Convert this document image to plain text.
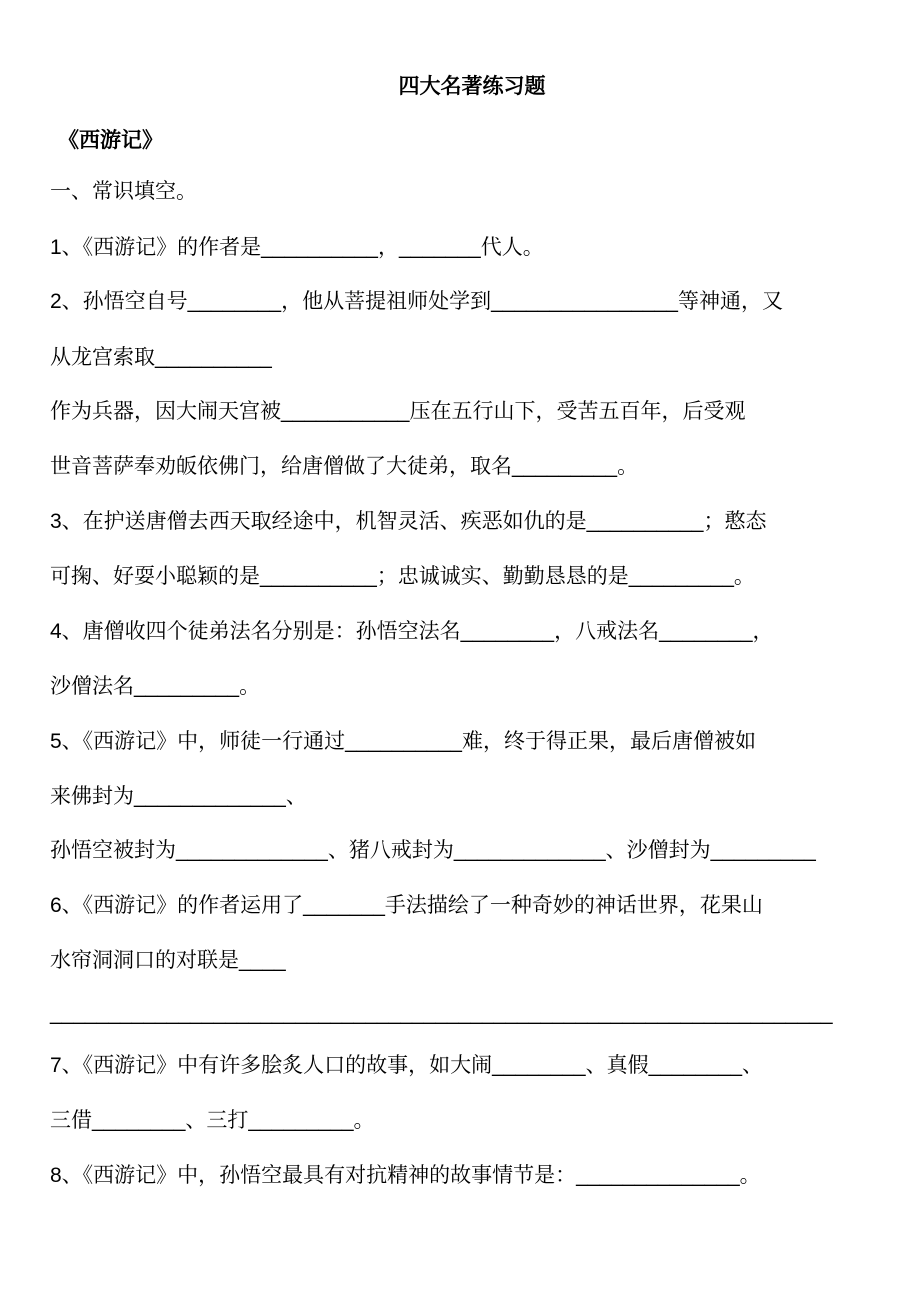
四大名著练习题
《西游记》
一、常识填空。
1、《西游记》的作者是__________，_______代人。
2、孙悟空自号________，他从菩提祖师处学到________________等神通，又
从龙宫索取__________
作为兵器，因大闹天宫被___________压在五行山下，受苦五百年，后受观
世音菩萨奉劝皈依佛门，给唐僧做了大徒弟，取名_________。
3、在护送唐僧去西天取经途中，机智灵活、疾恶如仇的是__________；憨态
可掬、好耍小聪颖的是__________；忠诚诚实、勤勤恳恳的是_________。
4、唐僧收四个徒弟法名分别是：孙悟空法名________，八戒法名________，
沙僧法名_________。
5、《西游记》中，师徒一行通过__________难，终于得正果，最后唐僧被如
来佛封为_____________、
孙悟空被封为_____________、猪八戒封为_____________、沙僧封为_________
6、《西游记》的作者运用了_______手法描绘了一种奇妙的神话世界，花果山
水帘洞洞口的对联是____
___________________________________________________________________
7、《西游记》中有许多脍炙人口的故事，如大闹________、真假________、
三借________、三打_________。
8、《西游记》中，孙悟空最具有对抗精神的故事情节是：______________。
